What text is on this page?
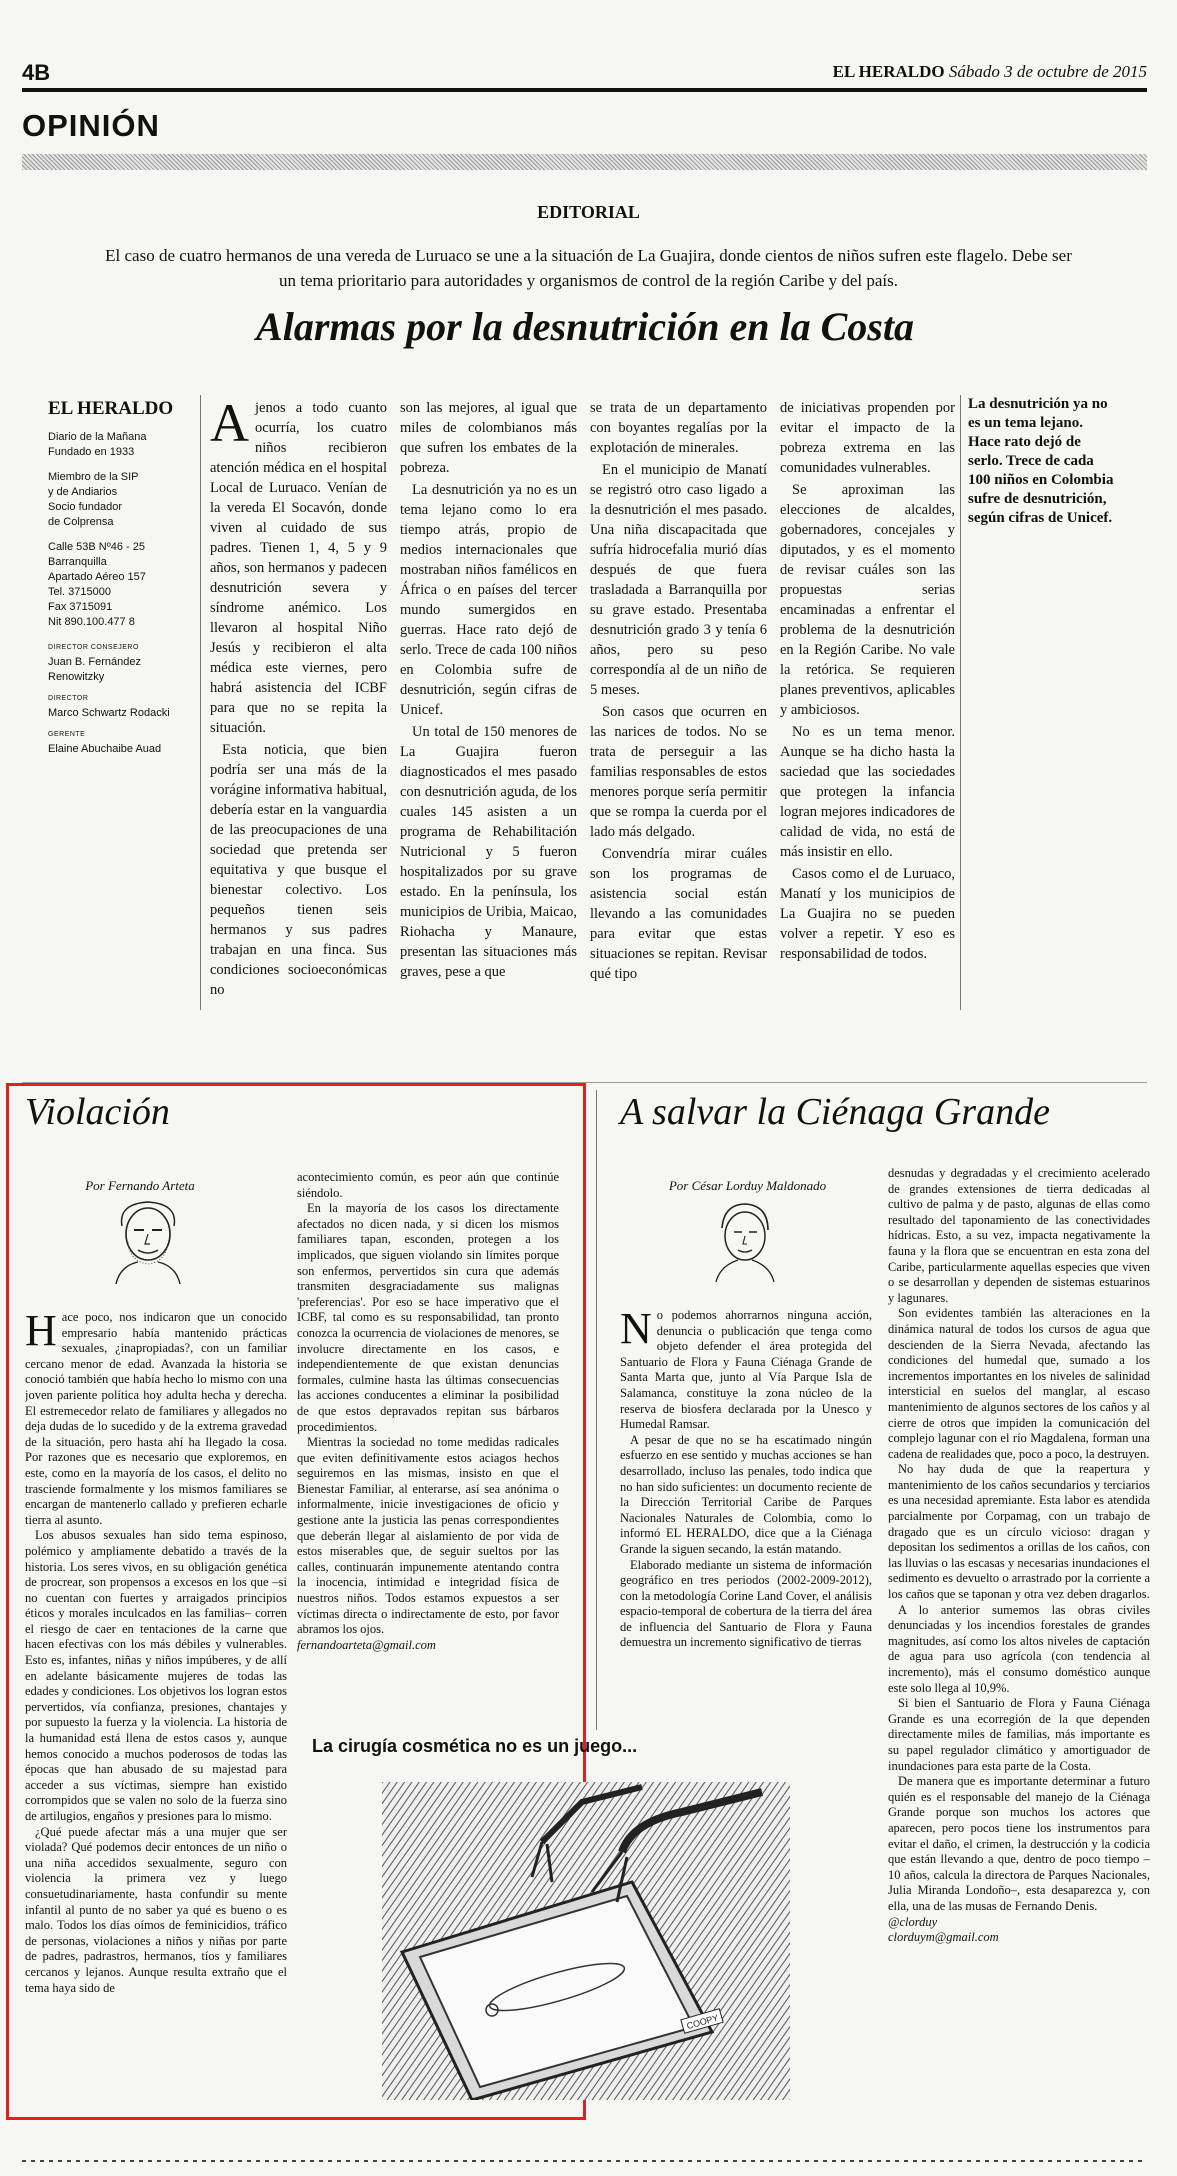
4B	EL HERALDO Sábado 3 de octubre de 2015
OPINIÓN
EDITORIAL
El caso de cuatro hermanos de una vereda de Luruaco se une a la situación de La Guajira, donde cientos de niños sufren este flagelo. Debe ser un tema prioritario para autoridades y organismos de control de la región Caribe y del país.
Alarmas por la desnutrición en la Costa
EL HERALDO
Diario de la Mañana
Fundado en 1933
Miembro de la SIP
y de Andiarios
Socio fundador
de Colprensa
Calle 53B Nº46 - 25
Barranquilla
Apartado Aéreo 157
Tel. 3715000
Fax 3715091
Nit 890.100.477 8
DIRECTOR CONSEJERO
Juan B. Fernández Renowitzky
DIRECTOR
Marco Schwartz Rodacki
GERENTE
Elaine Abuchaibe Auad

Ajenos a todo cuanto ocurría, los cuatro niños recibieron atención médica en el hospital Local de Luruaco. Venían de la vereda El Socavón, donde viven al cuidado de sus padres. Tienen 1, 4, 5 y 9 años, son hermanos y padecen desnutrición severa y síndrome anémico. Los llevaron al hospital Niño Jesús y recibieron el alta médica este viernes, pero habrá asistencia del ICBF para que no se repita la situación.

Esta noticia, que bien podría ser una más de la vorágine informativa habitual, debería estar en la vanguardia de las preocupaciones de una sociedad que pretenda ser equitativa y que busque el bienestar colectivo. Los pequeños tienen seis hermanos y sus padres trabajan en una finca. Sus condiciones socioeconómicas no

son las mejores, al igual que miles de colombianos más que sufren los embates de la pobreza.

La desnutrición ya no es un tema lejano como lo era tiempo atrás, propio de medios internacionales que mostraban niños famélicos en África o en países del tercer mundo sumergidos en guerras. Hace rato dejó de serlo. Trece de cada 100 niños en Colombia sufre de desnutrición, según cifras de Unicef.

Un total de 150 menores de La Guajira fueron diagnosticados el mes pasado con desnutrición aguda, de los cuales 145 asisten a un programa de Rehabilitación Nutricional y 5 fueron hospitalizados por su grave estado. En la península, los municipios de Uribia, Maicao, Riohacha y Manaure, presentan las situaciones más graves, pese a que

se trata de un departamento con boyantes regalías por la explotación de minerales.

En el municipio de Manatí se registró otro caso ligado a la desnutrición el mes pasado. Una niña discapacitada que sufría hidrocefalia murió días después de que fuera trasladada a Barranquilla por su grave estado. Presentaba desnutrición grado 3 y tenía 6 años, pero su peso correspondía al de un niño de 5 meses.

Son casos que ocurren en las narices de todos. No se trata de perseguir a las familias responsables de estos menores porque sería permitir que se rompa la cuerda por el lado más delgado.

Convendría mirar cuáles son los programas de asistencia social están llevando a las comunidades para evitar que estas situaciones se repitan. Revisar qué tipo

de iniciativas propenden por evitar el impacto de la pobreza extrema en las comunidades vulnerables.

Se aproximan las elecciones de alcaldes, gobernadores, concejales y diputados, y es el momento de revisar cuáles son las propuestas serias encaminadas a enfrentar el problema de la desnutrición en la Región Caribe. No vale la retórica. Se requieren planes preventivos, aplicables y ambiciosos.

No es un tema menor. Aunque se ha dicho hasta la saciedad que las sociedades que protegen la infancia logran mejores indicadores de calidad de vida, no está de más insistir en ello.

Casos como el de Luruaco, Manatí y los municipios de La Guajira no se pueden volver a repetir. Y eso es responsabilidad de todos.

La desnutrición ya no es un tema lejano. Hace rato dejó de serlo. Trece de cada 100 niños en Colombia sufre de desnutrición, según cifras de Unicef.
Violación
Por Fernando Arteta

Hace poco, nos indicaron que un conocido empresario había mantenido prácticas sexuales, ¿inapropiadas?, con un familiar cercano menor de edad. Avanzada la historia se conoció también que había hecho lo mismo con una joven pariente política hoy adulta hecha y derecha. El estremecedor relato de familiares y allegados no deja dudas de lo sucedido y de la extrema gravedad de la situación, pero hasta ahí ha llegado la cosa. Por razones que es necesario que exploremos, en este, como en la mayoría de los casos, el delito no trasciende formalmente y los mismos familiares se encargan de mantenerlo callado y prefieren echarle tierra al asunto.

Los abusos sexuales han sido tema espinoso, polémico y ampliamente debatido a través de la historia. Los seres vivos, en su obligación genética de procrear, son propensos a excesos en los que –si no cuentan con fuertes y arraigados principios éticos y morales inculcados en las familias– corren el riesgo de caer en tentaciones de la carne que hacen efectivas con los más débiles y vulnerables. Esto es, infantes, niñas y niños impúberes, y de allí en adelante básicamente mujeres de todas las edades y condiciones. Los objetivos los logran estos pervertidos, vía confianza, presiones, chantajes y por supuesto la fuerza y la violencia. La historia de la humanidad está llena de estos casos y, aunque hemos conocido a muchos poderosos de todas las épocas que han abusado de su majestad para acceder a sus víctimas, siempre han existido corrompidos que se valen no solo de la fuerza sino de artilugios, engaños y presiones para lo mismo.

¿Qué puede afectar más a una mujer que ser violada? Qué podemos decir entonces de un niño o una niña accedidos sexualmente, seguro con violencia la primera vez y luego consuetudinariamente, hasta confundir su mente infantil al punto de no saber ya qué es bueno o es malo. Todos los días oímos de feminicidios, tráfico de personas, violaciones a niños y niñas por parte de padres, padrastros, hermanos, tíos y familiares cercanos y lejanos. Aunque resulta extraño que el tema haya sido de

acontecimiento común, es peor aún que continúe siéndolo.

En la mayoría de los casos los directamente afectados no dicen nada, y si dicen los mismos familiares tapan, esconden, protegen a los implicados, que siguen violando sin límites porque son enfermos, pervertidos sin cura que además transmiten desgraciadamente sus malignas 'preferencias'. Por eso se hace imperativo que el ICBF, tal como es su responsabilidad, tan pronto conozca la ocurrencia de violaciones de menores, se involucre directamente en los casos, e independientemente de que existan denuncias formales, culmine hasta las últimas consecuencias las acciones conducentes a eliminar la posibilidad de que estos depravados repitan sus bárbaros procedimientos.

Mientras la sociedad no tome medidas radicales que eviten definitivamente estos aciagos hechos seguiremos en las mismas, insisto en que el Bienestar Familiar, al enterarse, así sea anónima o informalmente, inicie investigaciones de oficio y gestione ante la justicia las penas correspondientes que deberán llegar al aislamiento de por vida de estos miserables que, de seguir sueltos por las calles, continuarán impunemente atentando contra la inocencia, intimidad e integridad física de nuestros niños. Todos estamos expuestos a ser víctimas directa o indirectamente de esto, por favor abramos los ojos.

fernandoarteta@gmail.com

A salvar la Ciénaga Grande
Por César Lorduy Maldonado

No podemos ahorrarnos ninguna acción, denuncia o publicación que tenga como objeto defender el área protegida del Santuario de Flora y Fauna Ciénaga Grande de Santa Marta que, junto al Vía Parque Isla de Salamanca, constituye la zona núcleo de la reserva de biosfera declarada por la Unesco y Humedal Ramsar.

A pesar de que no se ha escatimado ningún esfuerzo en ese sentido y muchas acciones se han desarrollado, incluso las penales, todo indica que no han sido suficientes: un documento reciente de la Dirección Territorial Caribe de Parques Nacionales Naturales de Colombia, como lo informó EL HERALDO, dice que a la Ciénaga Grande la siguen secando, la están matando.

Elaborado mediante un sistema de información geográfico en tres periodos (2002-2009-2012), con la metodología Corine Land Cover, el análisis espacio-temporal de cobertura de la tierra del área de influencia del Santuario de Flora y Fauna demuestra un incremento significativo de tierras

desnudas y degradadas y el crecimiento acelerado de grandes extensiones de tierra dedicadas al cultivo de palma y de pasto, algunas de ellas como resultado del taponamiento de las conectividades hídricas. Esto, a su vez, impacta negativamente la fauna y la flora que se encuentran en esta zona del Caribe, particularmente aquellas especies que viven o se desarrollan y dependen de sistemas estuarinos y lagunares.

Son evidentes también las alteraciones en la dinámica natural de todos los cursos de agua que descienden de la Sierra Nevada, afectando las condiciones del humedal que, sumado a los incrementos importantes en los niveles de salinidad intersticial en suelos del manglar, al escaso mantenimiento de algunos sectores de los caños y al cierre de otros que impiden la comunicación del complejo lagunar con el río Magdalena, forman una cadena de realidades que, poco a poco, la destruyen.

No hay duda de que la reapertura y mantenimiento de los caños secundarios y terciarios es una necesidad apremiante. Esta labor es atendida parcialmente por Corpamag, con un trabajo de dragado que es un círculo vicioso: dragan y depositan los sedimentos a orillas de los caños, con las lluvias o las escasas y necesarias inundaciones el sedimento es devuelto o arrastrado por la corriente a los caños que se taponan y otra vez deben dragarlos.

A lo anterior sumemos las obras civiles denunciadas y los incendios forestales de grandes magnitudes, así como los altos niveles de captación de agua para uso agrícola (con tendencia al incremento), más el consumo doméstico aunque este solo llega al 10,9%.

Si bien el Santuario de Flora y Fauna Ciénaga Grande es una ecorregión de la que dependen directamente miles de familias, más importante es su papel regulador climático y amortiguador de inundaciones para esta parte de la Costa.

De manera que es importante determinar a futuro quién es el responsable del manejo de la Ciénaga Grande porque son muchos los actores que aparecen, pero pocos tiene los instrumentos para evitar el daño, el crimen, la destrucción y la codicia que están llevando a que, dentro de poco tiempo –10 años, calcula la directora de Parques Nacionales, Julia Miranda Londoño–, esta desaparezca y, con ella, una de las musas de Fernando Denis.

@clorduy

clorduym@gmail.com

La cirugía cosmética no es un juego...
COOPY
